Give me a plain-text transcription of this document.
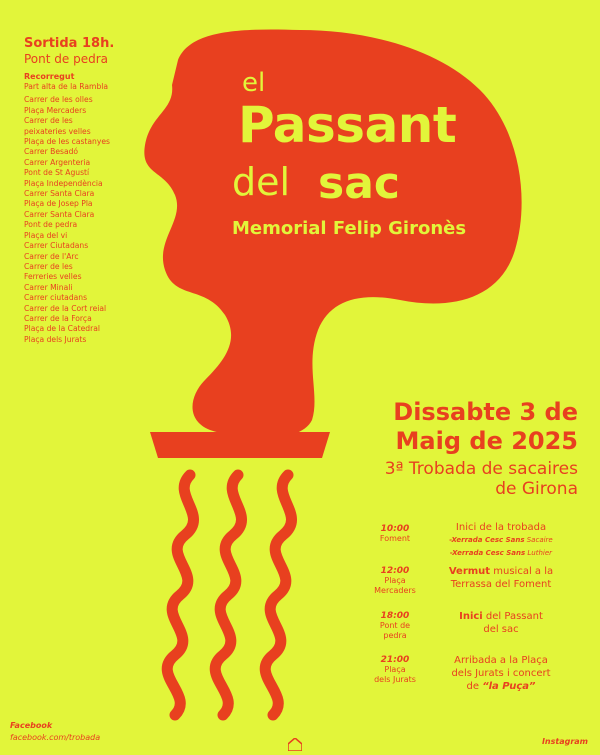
Sortida 18h.
Pont de pedra
Recorregut
Part alta de la Rambla
Carrer de les olles
Plaça Mercaders
Carrer de les
peixateries velles
Plaça de les castanyes
Carrer Besadó
Carrer Argenteria
Pont de St Agustí
Plaça Independència
Carrer Santa Clara
Plaça de Josep Pla
Carrer Santa Clara
Pont de pedra
Plaça del vi
Carrer Ciutadans
Carrer de l'Arc
Carrer de les
Ferreries velles
Carrer Minali
Carrer ciutadans
Carrer de la Cort reial
Carrer de la Força
Plaça de la Catedral
Plaça dels Jurats
el
Passant
del sac
Memorial Felip Gironès
Dissabte 3 de
Maig de 2025
3ª Trobada de sacaires
de Girona
10:00
Foment
Inici de la trobada
-Xerrada Cesc Sans Sacaire
-Xerrada Cesc Sans Luthier
12:00
Plaça
Mercaders
Vermut musical a la
Terrassa del Foment
18:00
Pont de
pedra
Inici del Passant
del sac
21:00
Plaça
dels Jurats
Arribada a la Plaça
dels Jurats i concert
de “la Puça”
Facebook
facebook.com/trobada	Instagram
